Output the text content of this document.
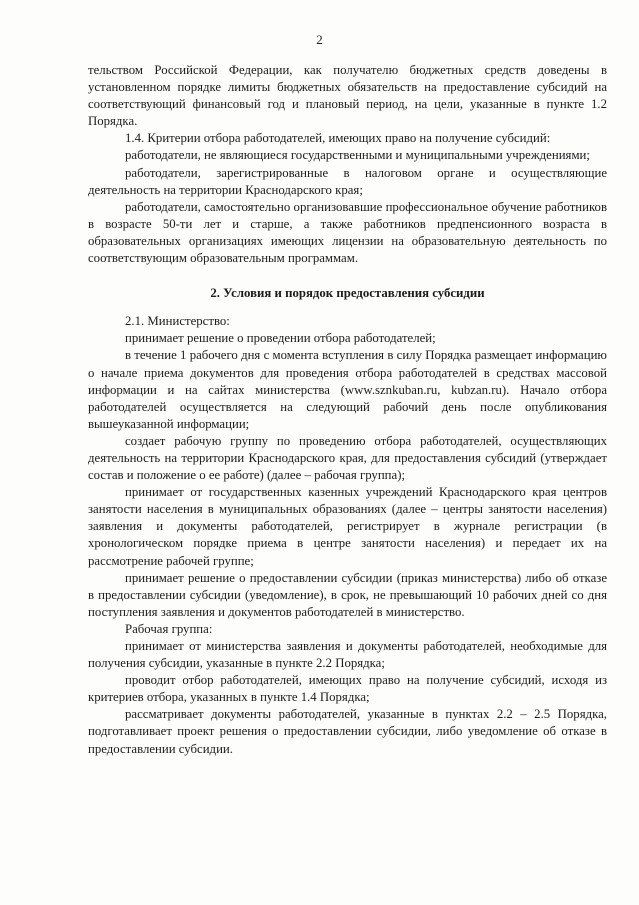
2

тельством Российской Федерации, как получателю бюджетных средств доведены в установленном порядке лимиты бюджетных обязательств на предоставление субсидий на соответствующий финансовый год и плановый период, на цели, указанные в пункте 1.2 Порядка.

1.4. Критерии отбора работодателей, имеющих право на получение субсидий:

работодатели, не являющиеся государственными и муниципальными учреждениями;

работодатели, зарегистрированные в налоговом органе и осуществляющие деятельность на территории Краснодарского края;

работодатели, самостоятельно организовавшие профессиональное обучение работников в возрасте 50-ти лет и старше, а также работников предпенсионного возраста в образовательных организациях имеющих лицензии на образовательную деятельность по соответствующим образовательным программам.

2. Условия и порядок предоставления субсидии

2.1. Министерство:

принимает решение о проведении отбора работодателей;

в течение 1 рабочего дня с момента вступления в силу Порядка размещает информацию о начале приема документов для проведения отбора работодателей в средствах массовой информации и на сайтах министерства (www.sznkuban.ru, kubzan.ru). Начало отбора работодателей осуществляется на следующий рабочий день после опубликования вышеуказанной информации;

создает рабочую группу по проведению отбора работодателей, осуществляющих деятельность на территории Краснодарского края, для предоставления субсидий (утверждает состав и положение о ее работе) (далее – рабочая группа);

принимает от государственных казенных учреждений Краснодарского края центров занятости населения в муниципальных образованиях (далее – центры занятости населения) заявления и документы работодателей, регистрирует в журнале регистрации (в хронологическом порядке приема в центре занятости населения) и передает их на рассмотрение рабочей группе;

принимает решение о предоставлении субсидии (приказ министерства) либо об отказе в предоставлении субсидии (уведомление), в срок, не превышающий 10 рабочих дней со дня поступления заявления и документов работодателей в министерство.

Рабочая группа:

принимает от министерства заявления и документы работодателей, необходимые для получения субсидии, указанные в пункте 2.2 Порядка;

проводит отбор работодателей, имеющих право на получение субсидий, исходя из критериев отбора, указанных в пункте 1.4 Порядка;

рассматривает документы работодателей, указанные в пунктах 2.2 – 2.5 Порядка, подготавливает проект решения о предоставлении субсидии, либо уведомление об отказе в предоставлении субсидии.
